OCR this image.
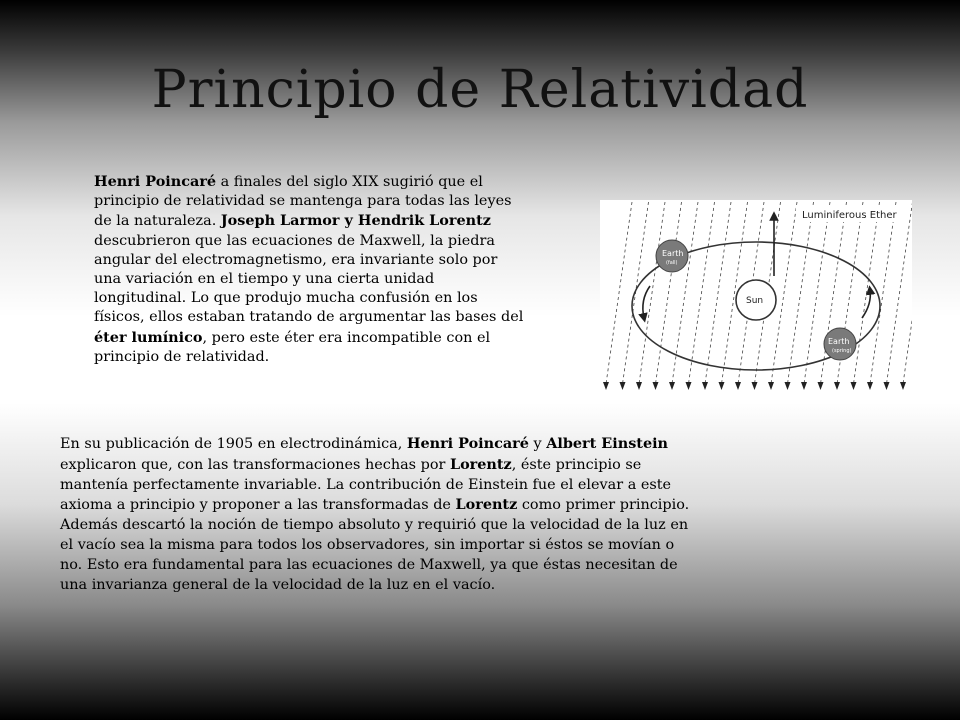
Principio de Relatividad
Henri Poincaré a finales del siglo XIX sugirió que el principio de relatividad se mantenga para todas las leyes de la naturaleza. Joseph Larmor y Hendrik Lorentz descubrieron que las ecuaciones de Maxwell, la piedra angular del electromagnetismo, era invariante solo por una variación en el tiempo y una cierta unidad longitudinal. Lo que produjo mucha confusión en los físicos, ellos estaban tratando de argumentar las bases del éter lumínico, pero este éter era incompatible con el principio de relatividad.
Luminiferous Ether
Sun
Earth
(fall)
Earth
(spring)
En su publicación de 1905 en electrodinámica, Henri Poincaré y Albert Einstein explicaron que, con las transformaciones hechas por Lorentz, éste principio se mantenía perfectamente invariable. La contribución de Einstein fue el elevar a este axioma a principio y proponer a las transformadas de Lorentz como primer principio. Además descartó la noción de tiempo absoluto y requirió que la velocidad de la luz en el vacío sea la misma para todos los observadores, sin importar si éstos se movían o no. Esto era fundamental para las ecuaciones de Maxwell, ya que éstas necesitan de una invarianza general de la velocidad de la luz en el vacío.
